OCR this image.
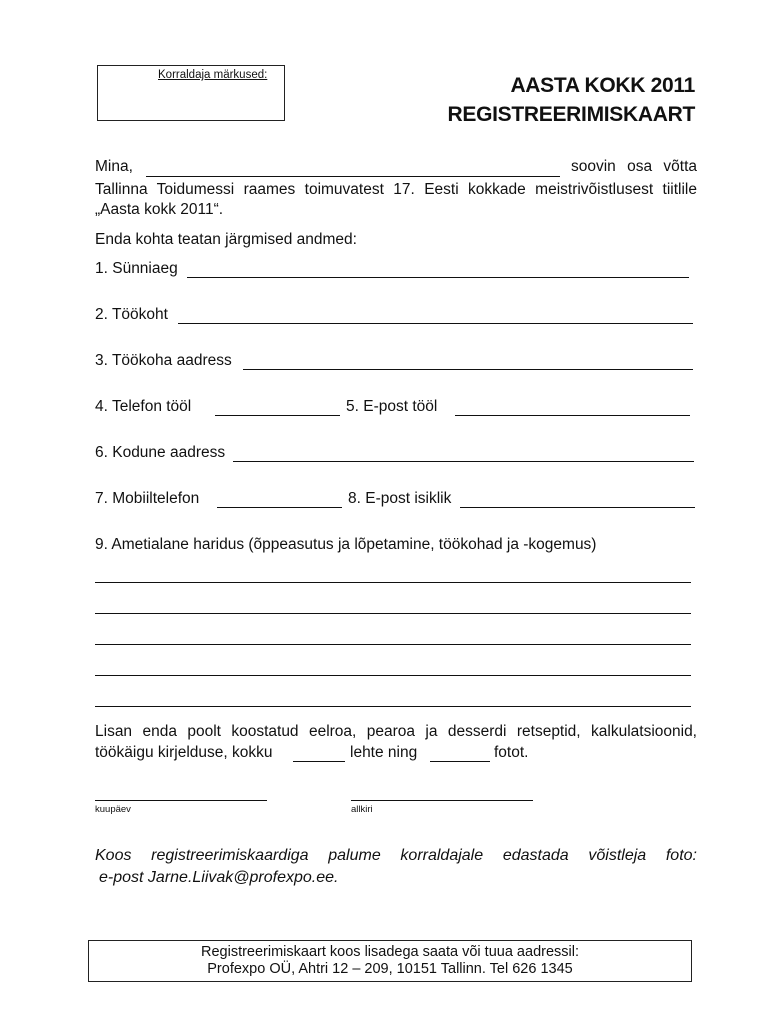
Korraldaja märkused:	AASTA KOKK 2011
REGISTREERIMISKAART
Mina,	soovin osa võtta
Tallinna Toidumessi raames toimuvatest 17. Eesti kokkade meistrivõistlusest tiitlile
„Aasta kokk 2011“.
Enda kohta teatan järgmised andmed:
1. Sünniaeg
2. Töökoht
3. Töökoha aadress
4. Telefon tööl	5. E-post tööl
6. Kodune aadress
7. Mobiiltelefon	8. E-post isiklik
9. Ametialane haridus (õppeasutus ja lõpetamine, töökohad ja -kogemus)
Lisan enda poolt koostatud eelroa, pearoa ja desserdi retseptid, kalkulatsioonid,
töökäigu kirjelduse, kokku	lehte ning	fotot.
kuupäev	allkiri
Koos registreerimiskaardiga palume korraldajale edastada võistleja foto:
e-post Jarne.Liivak@profexpo.ee.
Registreerimiskaart koos lisadega saata või tuua aadressil:
Profexpo OÜ, Ahtri 12 – 209, 10151 Tallinn. Tel 626 1345
